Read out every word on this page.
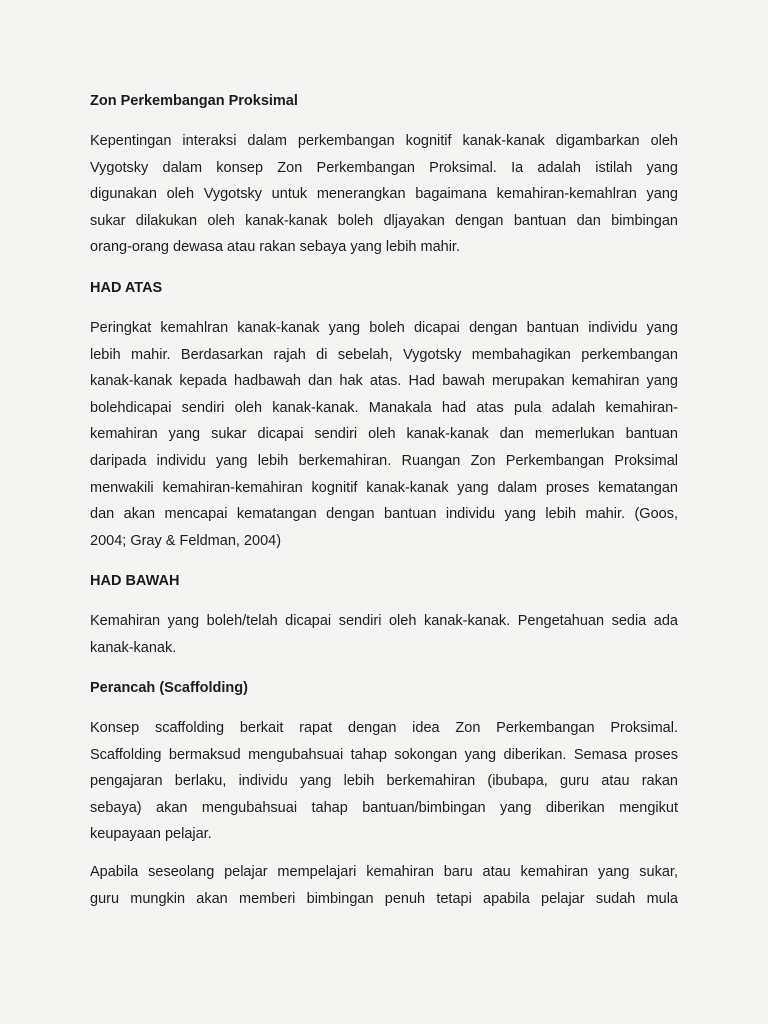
Zon Perkembangan Proksimal

Kepentingan interaksi dalam perkembangan kognitif kanak-kanak digambarkan oleh
Vygotsky dalam konsep Zon Perkembangan Proksimal. Ia adalah istilah yang
digunakan oleh Vygotsky untuk menerangkan bagaimana kemahiran-kemahlran yang
sukar dilakukan oleh kanak-kanak boleh dljayakan dengan bantuan dan bimbingan
orang-orang dewasa atau rakan sebaya yang lebih mahir.

HAD ATAS

Peringkat kemahlran kanak-kanak yang boleh dicapai dengan bantuan individu yang
lebih mahir. Berdasarkan rajah di sebelah, Vygotsky membahagikan perkembangan
kanak-kanak kepada hadbawah dan hak atas. Had bawah merupakan kemahiran yang
bolehdicapai sendiri oleh kanak-kanak. Manakala had atas pula adalah kemahiran-
kemahiran yang sukar dicapai sendiri oleh kanak-kanak dan memerlukan bantuan
daripada individu yang lebih berkemahiran. Ruangan Zon Perkembangan Proksimal
menwakili kemahiran-kemahiran kognitif kanak-kanak yang dalam proses kematangan
dan akan mencapai kematangan dengan bantuan individu yang lebih mahir. (Goos,
2004; Gray & Feldman, 2004)

HAD BAWAH

Kemahiran yang boleh/telah dicapai sendiri oleh kanak-kanak. Pengetahuan sedia ada
kanak-kanak.

Perancah (Scaffolding)

Konsep scaffolding berkait rapat dengan idea Zon Perkembangan Proksimal.
Scaffolding bermaksud mengubahsuai tahap sokongan yang diberikan. Semasa proses
pengajaran berlaku, individu yang lebih berkemahiran (ibubapa, guru atau rakan
sebaya) akan mengubahsuai tahap bantuan/bimbingan yang diberikan mengikut
keupayaan pelajar.
Apabila seseolang pelajar mempelajari kemahiran baru atau kemahiran yang sukar,
guru mungkin akan memberi bimbingan penuh tetapi apabila pelajar sudah mula
